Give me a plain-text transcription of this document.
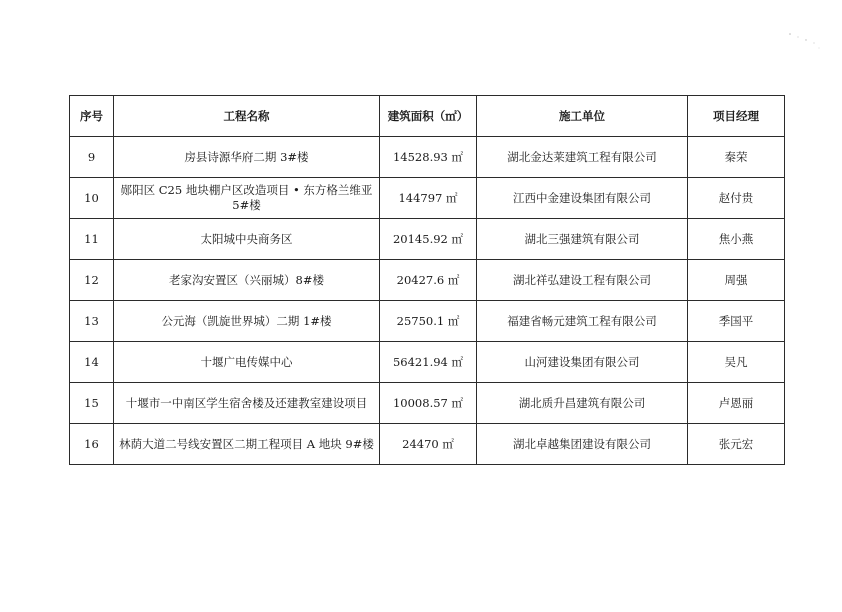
序号	工程名称	建筑面积（㎡）	施工单位	项目经理
9	房县诗源华府二期 3#楼	14528.93 ㎡	湖北金达莱建筑工程有限公司	秦荣
10	郧阳区 C25 地块棚户区改造项目 • 东方格兰维亚 5#楼	144797 ㎡	江西中金建设集团有限公司	赵付贵
11	太阳城中央商务区	20145.92 ㎡	湖北三强建筑有限公司	焦小燕
12	老家沟安置区（兴丽城）8#楼	20427.6 ㎡	湖北祥弘建设工程有限公司	周强
13	公元海（凯旋世界城）二期 1#楼	25750.1 ㎡	福建省畅元建筑工程有限公司	季国平
14	十堰广电传媒中心	56421.94 ㎡	山河建设集团有限公司	吴凡
15	十堰市一中南区学生宿舍楼及还建教室建设项目	10008.57 ㎡	湖北质升昌建筑有限公司	卢恩丽
16	林荫大道二号线安置区二期工程项目 A 地块 9#楼	24470 ㎡	湖北卓越集团建设有限公司	张元宏
